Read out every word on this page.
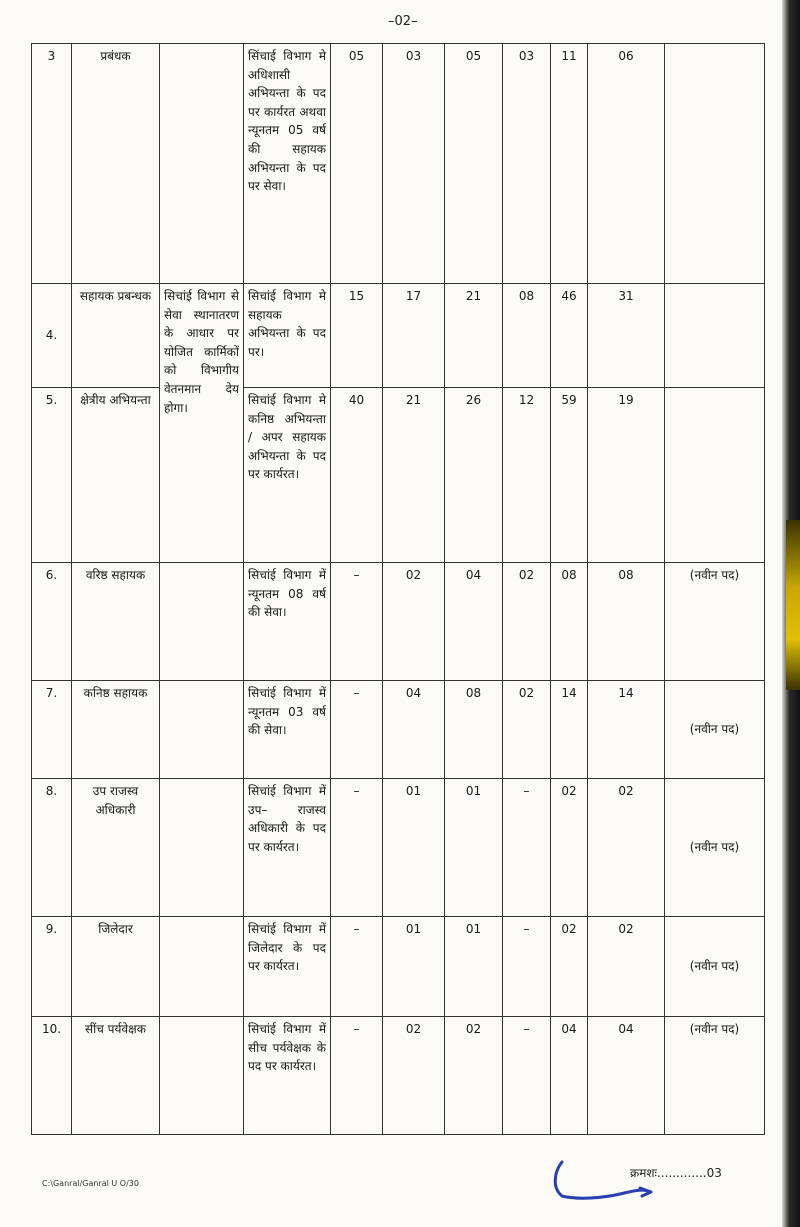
–02–
3	प्रबंधक		सिंचाई विभाग मे अधिशासी अभियन्ता के पद पर कार्यरत अथवा न्यूनतम 05 वर्ष की सहायक अभियन्ता के पद पर सेवा।	05	03	05	03	11	06	
4.	सहायक प्रबन्धक	सिचांई विभाग से सेवा स्थानातरण के आधार पर योजित कार्मिकों को विभागीय वेतनमान देय होगा।	सिचांई विभाग मे सहायक अभियन्ता के पद पर।	15	17	21	08	46	31	
5.	क्षेत्रीय अभियन्ता		सिचांई विभाग मे कनिष्ठ अभियन्ता / अपर सहायक अभियन्ता के पद पर कार्यरत।	40	21	26	12	59	19	
6.	वरिष्ठ सहायक		सिचांई विभाग में न्यूनतम 08 वर्ष की सेवा।	–	02	04	02	08	08	(नवीन पद)
7.	कनिष्ठ सहायक		सिचांई विभाग में न्यूनतम 03 वर्ष की सेवा।	–	04	08	02	14	14	(नवीन पद)
8.	उप राजस्व अधिकारी		सिचांई विभाग में उप– राजस्व अधिकारी के पद पर कार्यरत।	–	01	01	–	02	02	(नवीन पद)
9.	जिलेदार		सिचांई विभाग में जिलेदार के पद पर कार्यरत।	–	01	01	–	02	02	(नवीन पद)
10.	सींच पर्यवेक्षक		सिचांई विभाग में सीच पर्यवेक्षक के पद पर कार्यरत।	–	02	02	–	04	04	(नवीन पद)
क्रमशः.............03
C:\Ganral/Ganral U O/30
